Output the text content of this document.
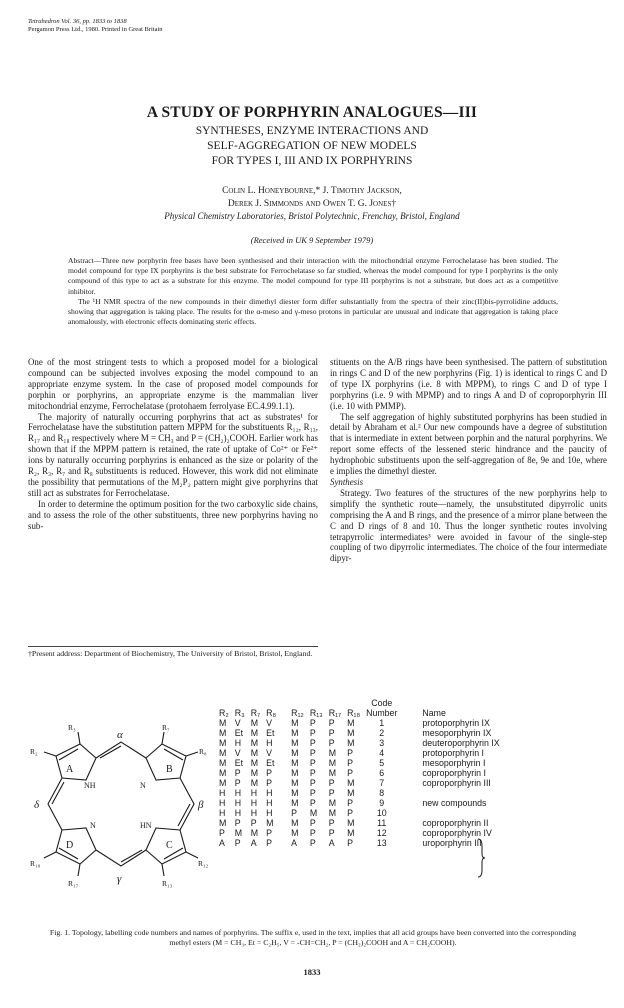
Tetrahedron Vol. 36, pp. 1833 to 1838
Pergamon Press Ltd., 1980. Printed in Great Britain
A STUDY OF PORPHYRIN ANALOGUES—III
SYNTHESES, ENZYME INTERACTIONS AND
SELF-AGGREGATION OF NEW MODELS
FOR TYPES I, III AND IX PORPHYRINS
Colin L. Honeybourne,* J. Timothy Jackson,
Derek J. Simmonds and Owen T. G. Jones†
Physical Chemistry Laboratories, Bristol Polytechnic, Frenchay, Bristol, England
(Received in UK 9 September 1979)

Abstract—Three new porphyrin free bases have been synthesised and their interaction with the mitochondrial enzyme Ferrochelatase has been studied. The model compound for type IX porphyrins is the best substrate for Ferrochelatase so far studied, whereas the model compound for type I porphyrins is the only compound of this type to act as a substrate for this enzyme. The model compound for type III porphyrins is not a substrate, but does act as a competitive inhibitor.

The ¹H NMR spectra of the new compounds in their dimethyl diester form differ substantially from the spectra of their zinc(II)bis-pyrrolidine adducts, showing that aggregation is taking place. The results for the α-meso and γ-meso protons in particular are unusual and indicate that aggregation is taking place anomalously, with electronic effects dominating steric effects.

One of the most stringent tests to which a proposed model for a biological compound can be subjected involves exposing the model compound to an appropriate enzyme system. In the case of proposed model compounds for porphin or porphyrins, an appropriate enzyme is the mammalian liver mitochondrial enzyme, Ferrochelatase (protohaem ferrolyase EC.4.99.1.1).

The majority of naturally occurring porphyrins that act as substrates¹ for Ferrochelatase have the substitution pattern MPPM for the substituents R₁₂, R₁₃, R₁₇ and R₁₈ respectively where M = CH₃ and P = (CH₂)₂COOH. Earlier work has shown that if the MPPM pattern is retained, the rate of uptake of Co²⁺ or Fe²⁺ ions by naturally occurring porphyrins is enhanced as the size or polarity of the R₂, R₃, R₇ and R₈ substituents is reduced. However, this work did not eliminate the possibility that permutations of the M₂P₂ pattern might give porphyrins that still act as substrates for Ferrochelatase.

In order to determine the optimum position for the two carboxylic side chains, and to assess the role of the other substituents, three new porphyrins having no sub-

†Present address: Department of Biochemistry, The University of Bristol, Bristol, England.

stituents on the A/B rings have been synthesised. The pattern of substitution in rings C and D of the new porphyrins (Fig. 1) is identical to rings C and D of type IX porphyrins (i.e. 8 with MPPM), to rings C and D of type I porphyrins (i.e. 9 with MPMP) and to rings A and D of coproporphyrin III (i.e. 10 with PMMP).

The self aggregation of highly substituted porphyrins has been studied in detail by Abraham et al.² Our new compounds have a degree of substitution that is intermediate in extent between porphin and the natural porphyrins. We report some effects of the lessened steric hindrance and the paucity of hydrophobic substituents upon the self-aggregation of 8e, 9e and 10e, where e implies the dimethyl diester.

Synthesis

Strategy. Two features of the structures of the new porphyrins help to simplify the synthetic route—namely, the unsubstituted dipyrrolic units comprising the A and B rings, and the presence of a mirror plane between the C and D rings of 8 and 10. Thus the longer synthetic routes involving tetrapyrrolic intermediates³ were avoided in favour of the single-step coupling of two dipyrrolic intermediates. The choice of the four intermediate dipyr-

A	B
C
D
NH	N
HN
N
R₃
R₂
R₇
R₈
R₁₂
R₁₃
R₁₇
R₁₈
α
β
γ
δ
								Code	
R₂	R₃	R₇	R₈	R₁₂	R₁₃	R₁₇	R₁₈	Number	Name
M	V	M	V	M	P	P	M	1	protoporphyrin IX
M	Et	M	Et	M	P	P	M	2	mesoporphyrin IX
M	H	M	H	M	P	P	M	3	deuteroporphyrin IX
M	V	M	V	M	P	M	P	4	protoporphyrin I
M	Et	M	Et	M	P	M	P	5	mesoporphyrin I
M	P	M	P	M	P	M	P	6	coproporphyrin I
M	P	M	P	M	P	P	M	7	coproporphyrin III
H	H	H	H	M	P	P	M	8	
H	H	H	H	M	P	M	P	9	new compounds
H	H	H	H	P	M	M	P	10	
M	P	P	M	M	P	P	M	11	coproporphyrin II
P	M	M	P	M	P	P	M	12	coproporphyrin IV
A	P	A	P	A	P	A	P	13	uroporphyrin III
Fig. 1. Topology, labelling code numbers and names of porphyrins. The suffix e, used in the text, implies that all acid groups have been converted into the corresponding methyl esters (M = CH₃, Et = C₂H₅, V = -CH=CH₂, P = (CH₂)₂COOH and A = CH₂COOH).
1833
